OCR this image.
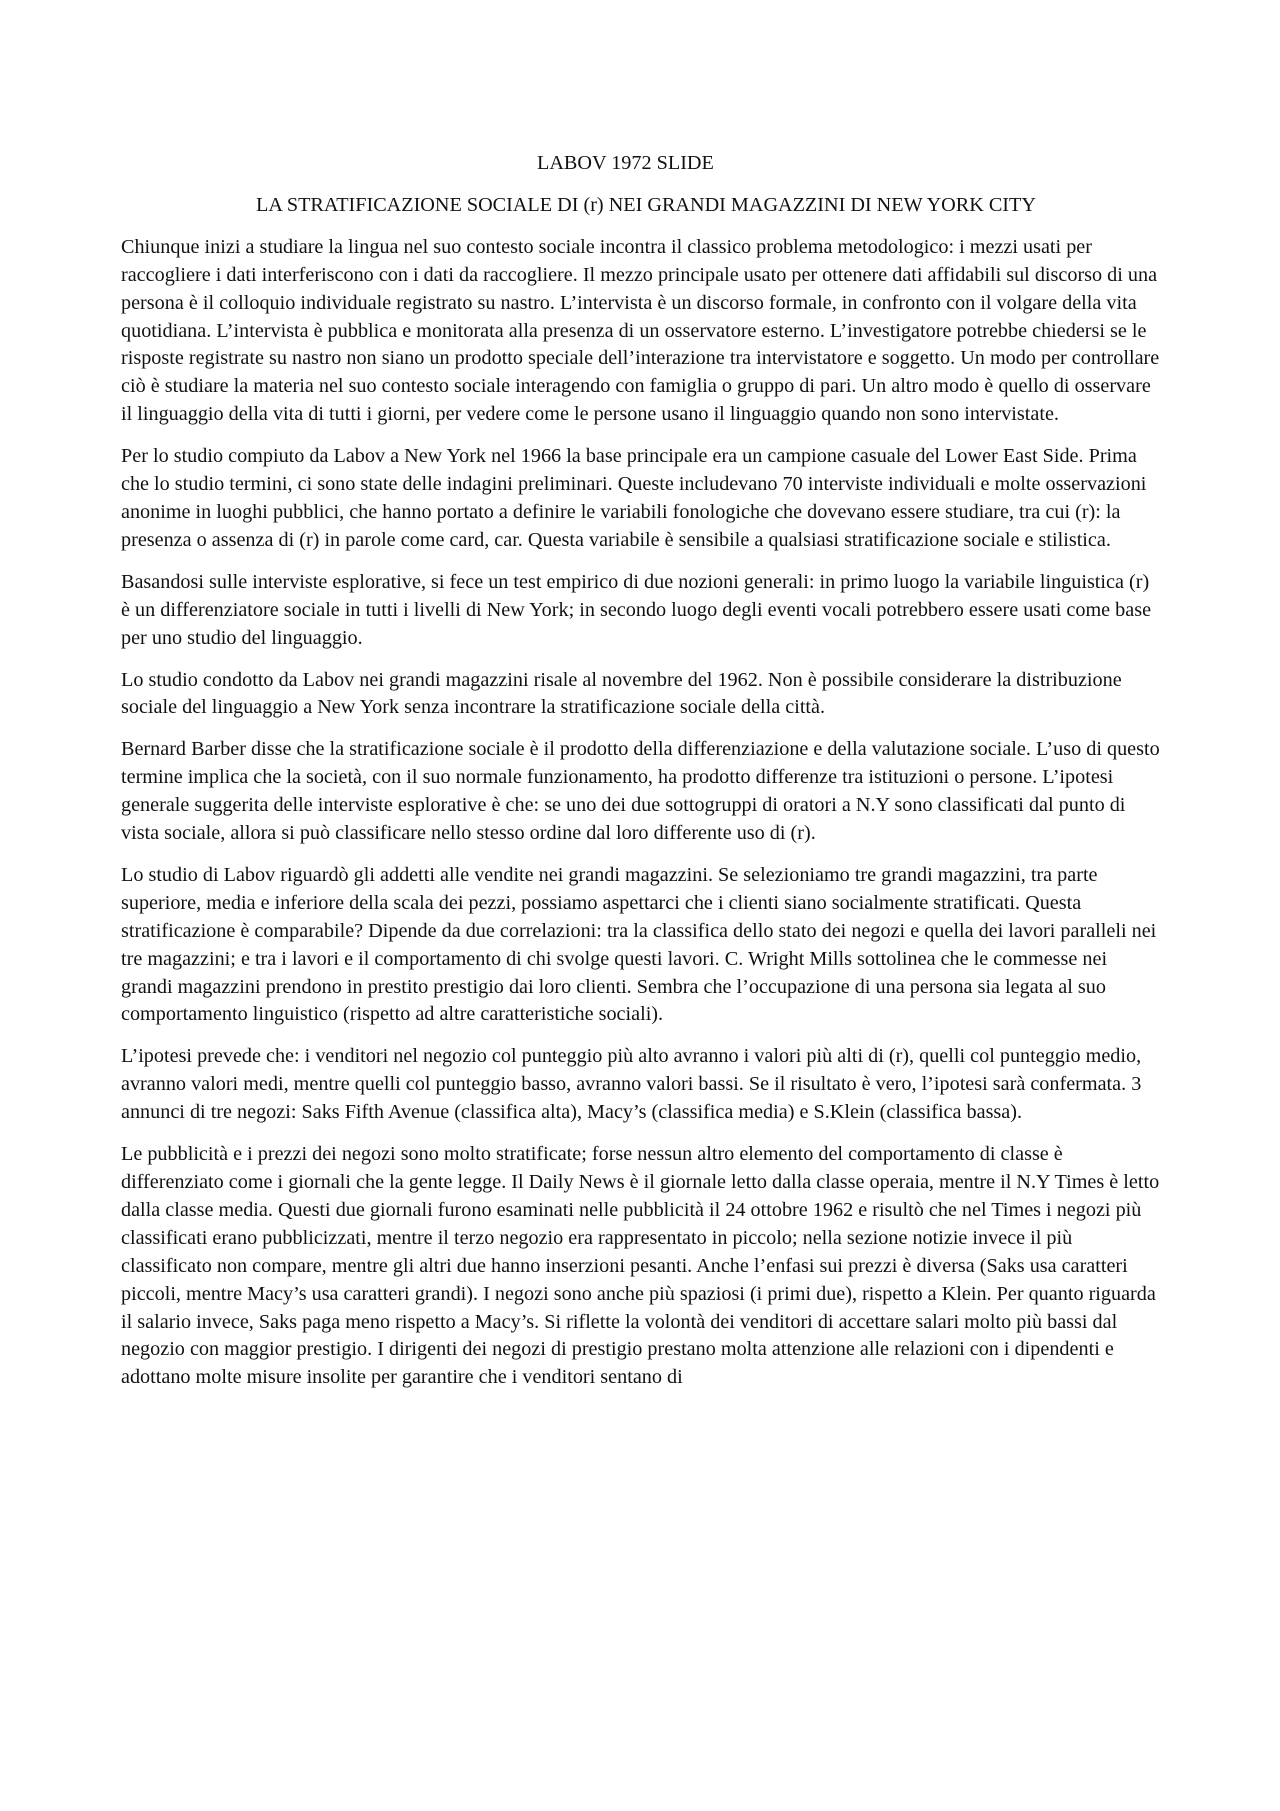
LABOV 1972 SLIDE
LA STRATIFICAZIONE SOCIALE DI (r) NEI GRANDI MAGAZZINI DI NEW YORK CITY

Chiunque inizi a studiare la lingua nel suo contesto sociale incontra il classico problema metodologico: i mezzi usati per raccogliere i dati interferiscono con i dati da raccogliere. Il mezzo principale usato per ottenere dati affidabili sul discorso di una persona è il colloquio individuale registrato su nastro. L’intervista è un discorso formale, in confronto con il volgare della vita quotidiana. L’intervista è pubblica e monitorata alla presenza di un osservatore esterno. L’investigatore potrebbe chiedersi se le risposte registrate su nastro non siano un prodotto speciale dell’interazione tra intervistatore e soggetto. Un modo per controllare ciò è studiare la materia nel suo contesto sociale interagendo con famiglia o gruppo di pari. Un altro modo è quello di osservare il linguaggio della vita di tutti i giorni, per vedere come le persone usano il linguaggio quando non sono intervistate.

Per lo studio compiuto da Labov a New York nel 1966 la base principale era un campione casuale del Lower East Side. Prima che lo studio termini, ci sono state delle indagini preliminari. Queste includevano 70 interviste individuali e molte osservazioni anonime in luoghi pubblici, che hanno portato a definire le variabili fonologiche che dovevano essere studiare, tra cui (r): la presenza o assenza di (r) in parole come card, car. Questa variabile è sensibile a qualsiasi stratificazione sociale e stilistica.

Basandosi sulle interviste esplorative, si fece un test empirico di due nozioni generali: in primo luogo la variabile linguistica (r) è un differenziatore sociale in tutti i livelli di New York; in secondo luogo degli eventi vocali potrebbero essere usati come base per uno studio del linguaggio.

Lo studio condotto da Labov nei grandi magazzini risale al novembre del 1962. Non è possibile considerare la distribuzione sociale del linguaggio a New York senza incontrare la stratificazione sociale della città.

Bernard Barber disse che la stratificazione sociale è il prodotto della differenziazione e della valutazione sociale. L’uso di questo termine implica che la società, con il suo normale funzionamento, ha prodotto differenze tra istituzioni o persone. L’ipotesi generale suggerita delle interviste esplorative è che: se uno dei due sottogruppi di oratori a N.Y sono classificati dal punto di vista sociale, allora si può classificare nello stesso ordine dal loro differente uso di (r).

Lo studio di Labov riguardò gli addetti alle vendite nei grandi magazzini. Se selezioniamo tre grandi magazzini, tra parte superiore, media e inferiore della scala dei pezzi, possiamo aspettarci che i clienti siano socialmente stratificati. Questa stratificazione è comparabile? Dipende da due correlazioni: tra la classifica dello stato dei negozi e quella dei lavori paralleli nei tre magazzini; e tra i lavori e il comportamento di chi svolge questi lavori. C. Wright Mills sottolinea che le commesse nei grandi magazzini prendono in prestito prestigio dai loro clienti. Sembra che l’occupazione di una persona sia legata al suo comportamento linguistico (rispetto ad altre caratteristiche sociali).

L’ipotesi prevede che: i venditori nel negozio col punteggio più alto avranno i valori più alti di (r), quelli col punteggio medio, avranno valori medi, mentre quelli col punteggio basso, avranno valori bassi. Se il risultato è vero, l’ipotesi sarà confermata. 3 annunci di tre negozi: Saks Fifth Avenue (classifica alta), Macy’s (classifica media) e S.Klein (classifica bassa).

Le pubblicità e i prezzi dei negozi sono molto stratificate; forse nessun altro elemento del comportamento di classe è differenziato come i giornali che la gente legge. Il Daily News è il giornale letto dalla classe operaia, mentre il N.Y Times è letto dalla classe media. Questi due giornali furono esaminati nelle pubblicità il 24 ottobre 1962 e risultò che nel Times i negozi più classificati erano pubblicizzati, mentre il terzo negozio era rappresentato in piccolo; nella sezione notizie invece il più classificato non compare, mentre gli altri due hanno inserzioni pesanti. Anche l’enfasi sui prezzi è diversa (Saks usa caratteri piccoli, mentre Macy’s usa caratteri grandi). I negozi sono anche più spaziosi (i primi due), rispetto a Klein. Per quanto riguarda il salario invece, Saks paga meno rispetto a Macy’s. Si riflette la volontà dei venditori di accettare salari molto più bassi dal negozio con maggior prestigio. I dirigenti dei negozi di prestigio prestano molta attenzione alle relazioni con i dipendenti e adottano molte misure insolite per garantire che i venditori sentano di
